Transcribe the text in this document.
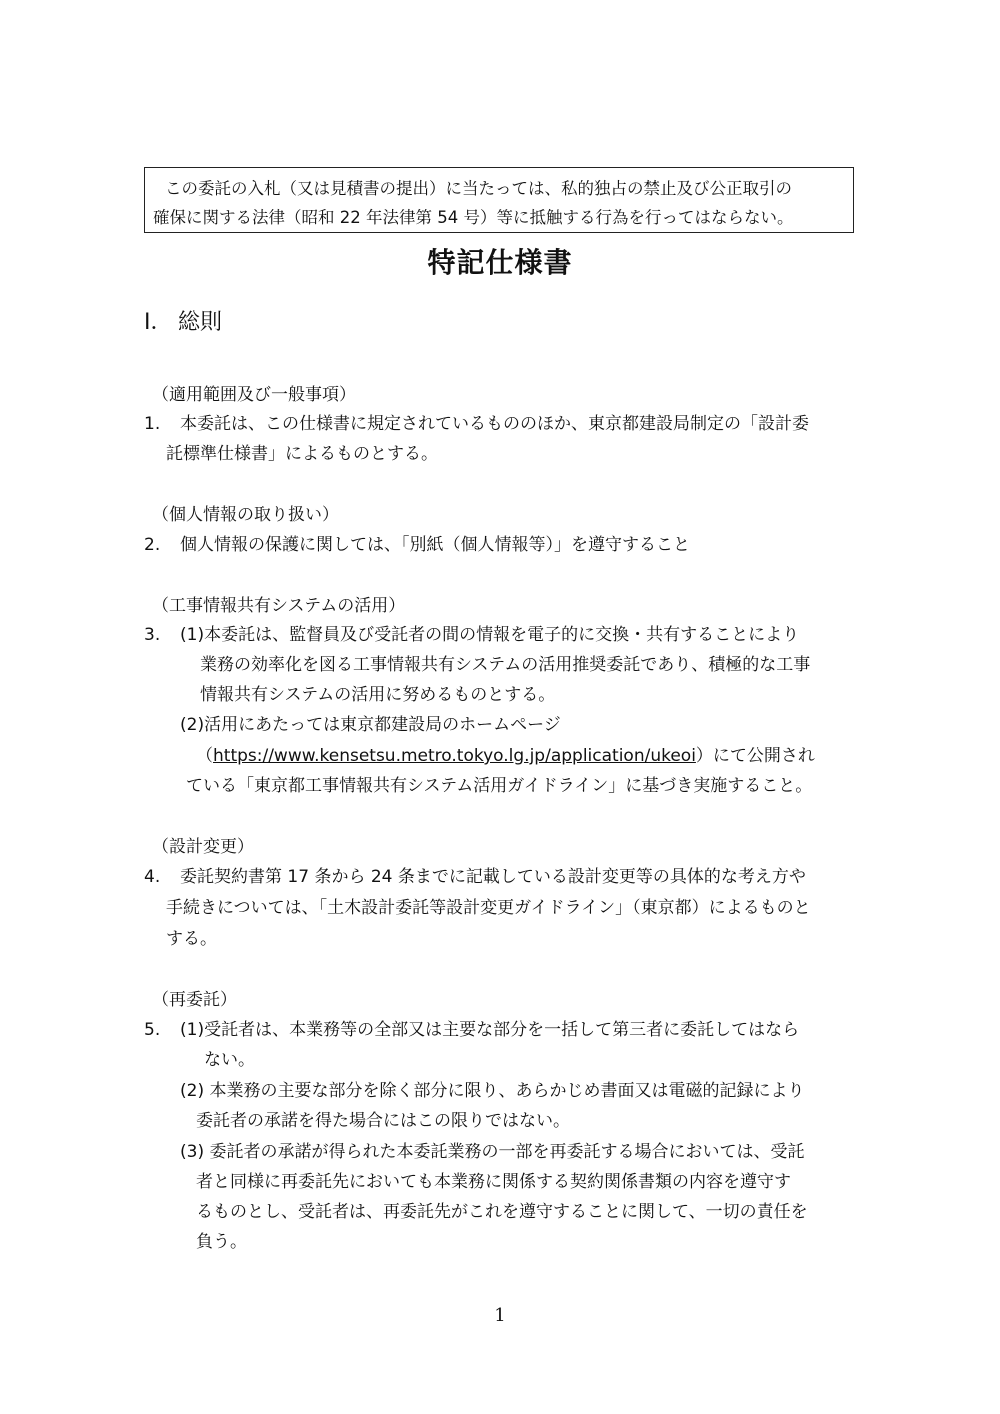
この委託の入札（又は見積書の提出）に当たっては、私的独占の禁止及び公正取引の
確保に関する法律（昭和 22 年法律第 54 号）等に抵触する行為を行ってはならない。
特記仕様書
Ⅰ． 総則
（適用範囲及び一般事項）
1. 本委託は、この仕様書に規定されているもののほか、東京都建設局制定の「設計委
託標準仕様書」によるものとする。
（個人情報の取り扱い）
2. 個人情報の保護に関しては、「別紙（個人情報等）」を遵守すること
（工事情報共有システムの活用）
3. (1)本委託は、監督員及び受託者の間の情報を電子的に交換・共有することにより
業務の効率化を図る工事情報共有システムの活用推奨委託であり、積極的な工事
情報共有システムの活用に努めるものとする。
(2)活用にあたっては東京都建設局のホームページ
（https://www.kensetsu.metro.tokyo.lg.jp/application/ukeoi）にて公開され
ている「東京都工事情報共有システム活用ガイドライン」に基づき実施すること。
（設計変更）
4. 委託契約書第 17 条から 24 条までに記載している設計変更等の具体的な考え方や
手続きについては、「土木設計委託等設計変更ガイドライン」（東京都）によるものと
する。
（再委託）
5. (1)受託者は、本業務等の全部又は主要な部分を一括して第三者に委託してはなら
ない。
(2) 本業務の主要な部分を除く部分に限り、あらかじめ書面又は電磁的記録により
委託者の承諾を得た場合にはこの限りではない。
(3) 委託者の承諾が得られた本委託業務の一部を再委託する場合においては、受託
者と同様に再委託先においても本業務に関係する契約関係書類の内容を遵守す
るものとし、受託者は、再委託先がこれを遵守することに関して、一切の責任を
負う。
1
